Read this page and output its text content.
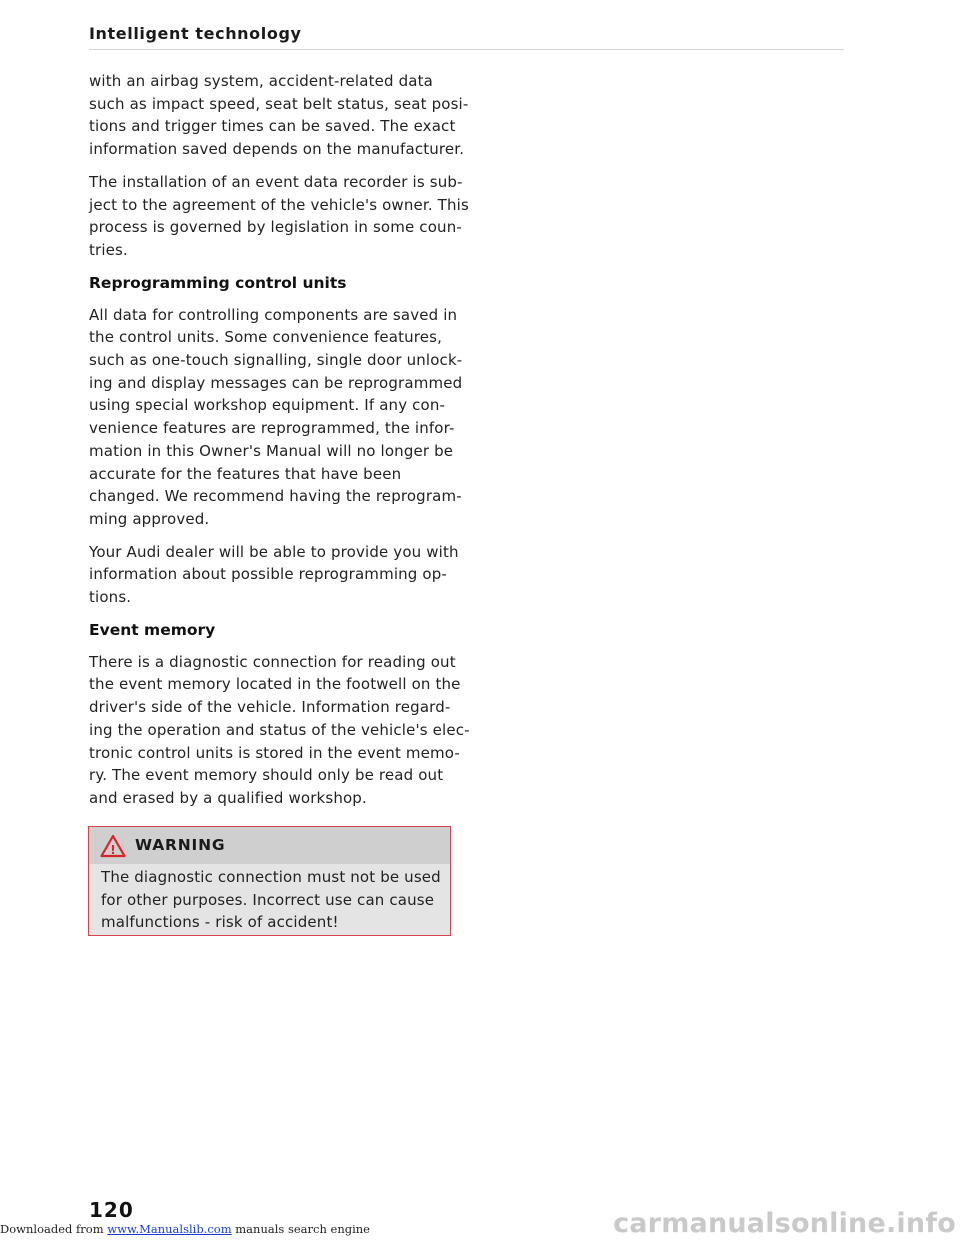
Intelligent technology

with an airbag system, accident-related data
such as impact speed, seat belt status, seat posi-
tions and trigger times can be saved. The exact
information saved depends on the manufacturer.

The installation of an event data recorder is sub-
ject to the agreement of the vehicle's owner. This
process is governed by legislation in some coun-
tries.

Reprogramming control units

All data for controlling components are saved in
the control units. Some convenience features,
such as one-touch signalling, single door unlock-
ing and display messages can be reprogrammed
using special workshop equipment. If any con-
venience features are reprogrammed, the infor-
mation in this Owner's Manual will no longer be
accurate for the features that have been
changed. We recommend having the reprogram-
ming approved.

Your Audi dealer will be able to provide you with
information about possible reprogramming op-
tions.

Event memory

There is a diagnostic connection for reading out
the event memory located in the footwell on the
driver's side of the vehicle. Information regard-
ing the operation and status of the vehicle's elec-
tronic control units is stored in the event memo-
ry. The event memory should only be read out
and erased by a qualified workshop.

! WARNING
The diagnostic connection must not be used
for other purposes. Incorrect use can cause
malfunctions - risk of accident!
120
Downloaded from www.Manualslib.com manuals search engine	carmanualsonline.info
